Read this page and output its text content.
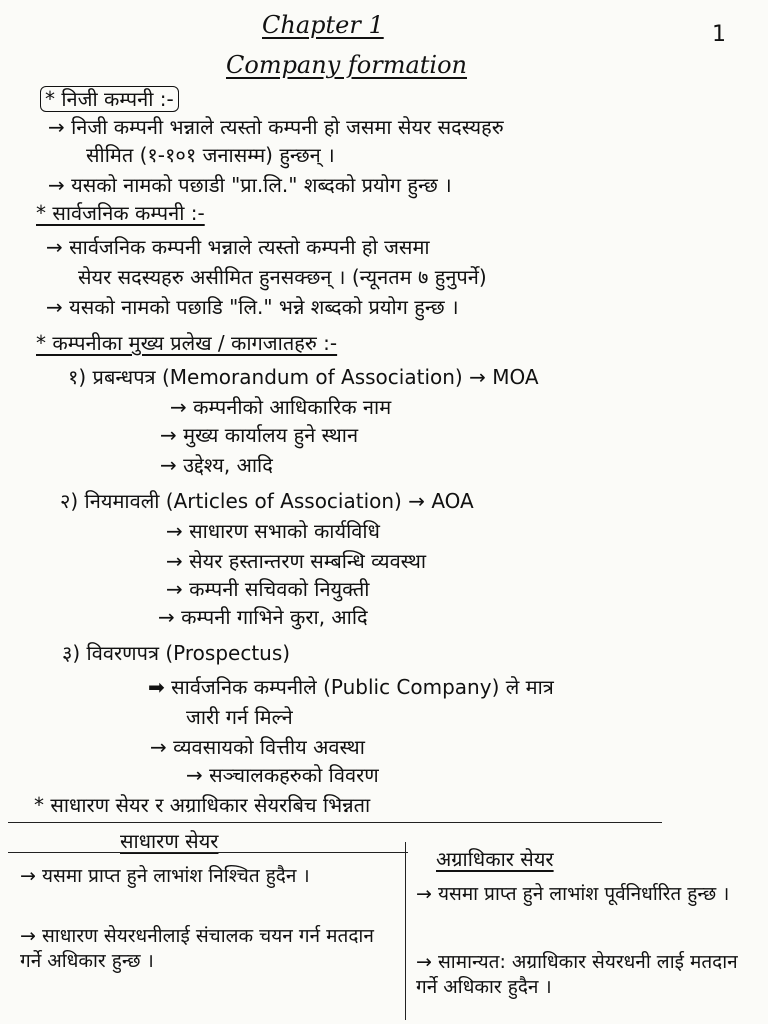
Chapter 1	1
Company formation
* निजी कम्पनी :-
→ निजी कम्पनी भन्नाले त्यस्तो कम्पनी हो जसमा सेयर सदस्यहरु
सीमित (१-१०१ जनासम्म) हुन्छन् ।
→ यसको नामको पछाडी "प्रा.लि." शब्दको प्रयोग हुन्छ ।
* सार्वजनिक कम्पनी :-
→ सार्वजनिक कम्पनी भन्नाले त्यस्तो कम्पनी हो जसमा
सेयर सदस्यहरु असीमित हुनसक्छन् । (न्यूनतम ७ हुनुपर्ने)
→ यसको नामको पछाडि "लि." भन्ने शब्दको प्रयोग हुन्छ ।
* कम्पनीका मुख्य प्रलेख / कागजातहरु :-
१) प्रबन्धपत्र (Memorandum of Association) → MOA
→ कम्पनीको आधिकारिक नाम
→ मुख्य कार्यालय हुने स्थान
→ उद्देश्य, आदि
२) नियमावली (Articles of Association) → AOA
→ साधारण सभाको कार्यविधि
→ सेयर हस्तान्तरण सम्बन्धि व्यवस्था
→ कम्पनी सचिवको नियुक्ती
→ कम्पनी गाभिने कुरा, आदि
३) विवरणपत्र (Prospectus)
➡ सार्वजनिक कम्पनीले (Public Company) ले मात्र
जारी गर्न मिल्ने
→ व्यवसायको वित्तीय अवस्था
→ सञ्चालकहरुको विवरण
* साधारण सेयर र अग्राधिकार सेयरबिच भिन्नता
साधारण सेयर
अग्राधिकार सेयर
→ यसमा प्राप्त हुने लाभांश निश्चित हुदैन ।
→ साधारण सेयरधनीलाई संचालक चयन गर्न मतदान गर्ने अधिकार हुन्छ ।
→ यसमा प्राप्त हुने लाभांश पूर्वनिर्धारित हुन्छ ।
→ सामान्यत: अग्राधिकार सेयरधनी लाई मतदान गर्ने अधिकार हुदैन ।
